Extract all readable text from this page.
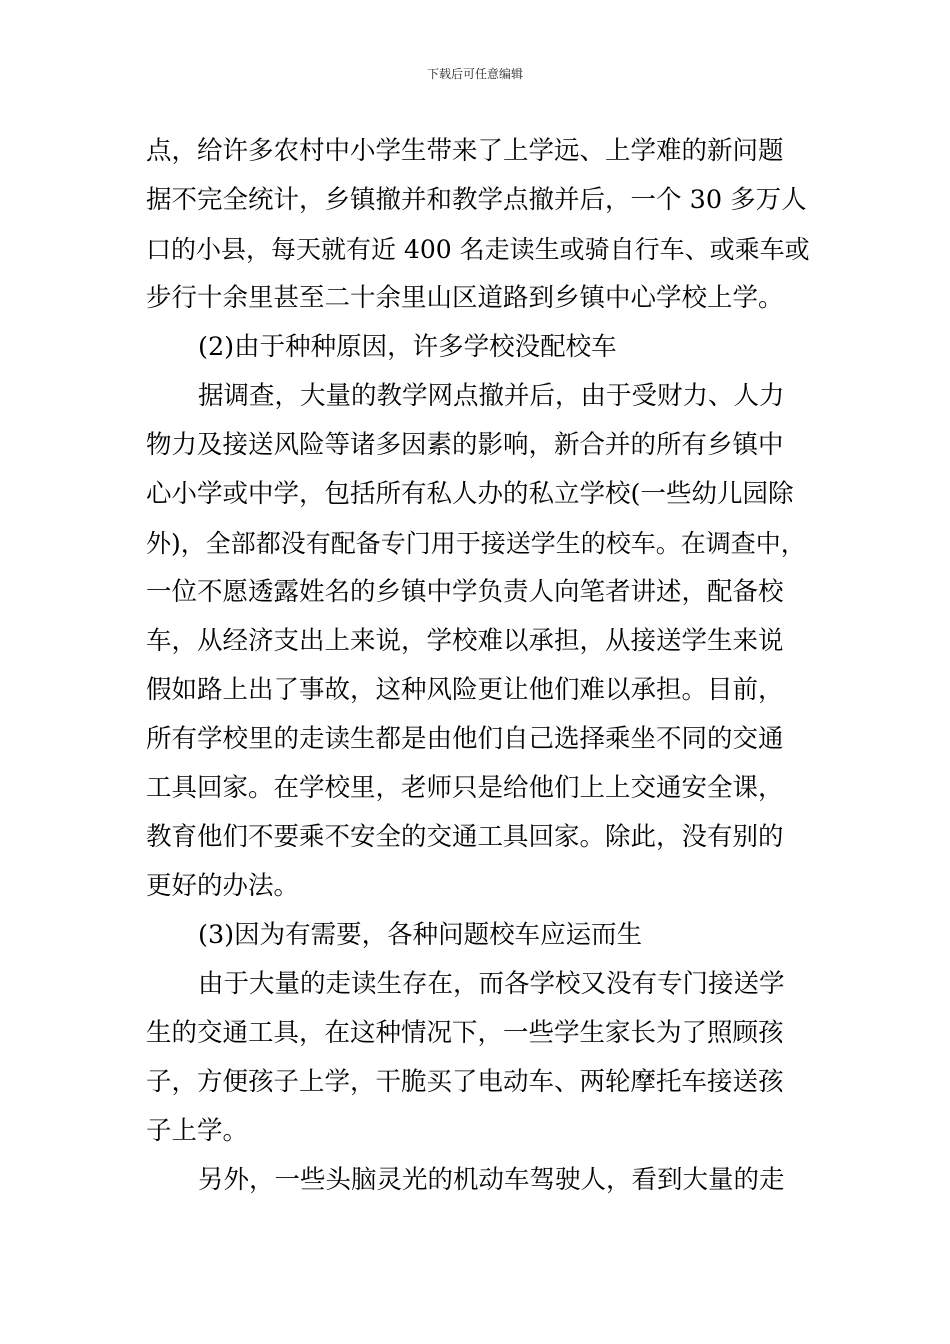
下载后可任意编辑
点，给许多农村中小学生带来了上学远、上学难的新问题
据不完全统计，乡镇撤并和教学点撤并后，一个 30 多万人
口的小县，每天就有近 400 名走读生或骑自行车、或乘车或
步行十余里甚至二十余里山区道路到乡镇中心学校上学。
(2)由于种种原因，许多学校没配校车
据调查，大量的教学网点撤并后，由于受财力、人力
物力及接送风险等诸多因素的影响，新合并的所有乡镇中
心小学或中学，包括所有私人办的私立学校(一些幼儿园除
外)，全部都没有配备专门用于接送学生的校车。在调查中，
一位不愿透露姓名的乡镇中学负责人向笔者讲述，配备校
车，从经济支出上来说，学校难以承担，从接送学生来说
假如路上出了事故，这种风险更让他们难以承担。目前，
所有学校里的走读生都是由他们自己选择乘坐不同的交通
工具回家。在学校里，老师只是给他们上上交通安全课，
教育他们不要乘不安全的交通工具回家。除此，没有别的
更好的办法。
(3)因为有需要，各种问题校车应运而生
由于大量的走读生存在，而各学校又没有专门接送学
生的交通工具，在这种情况下，一些学生家长为了照顾孩
子，方便孩子上学，干脆买了电动车、两轮摩托车接送孩
子上学。
另外，一些头脑灵光的机动车驾驶人，看到大量的走
